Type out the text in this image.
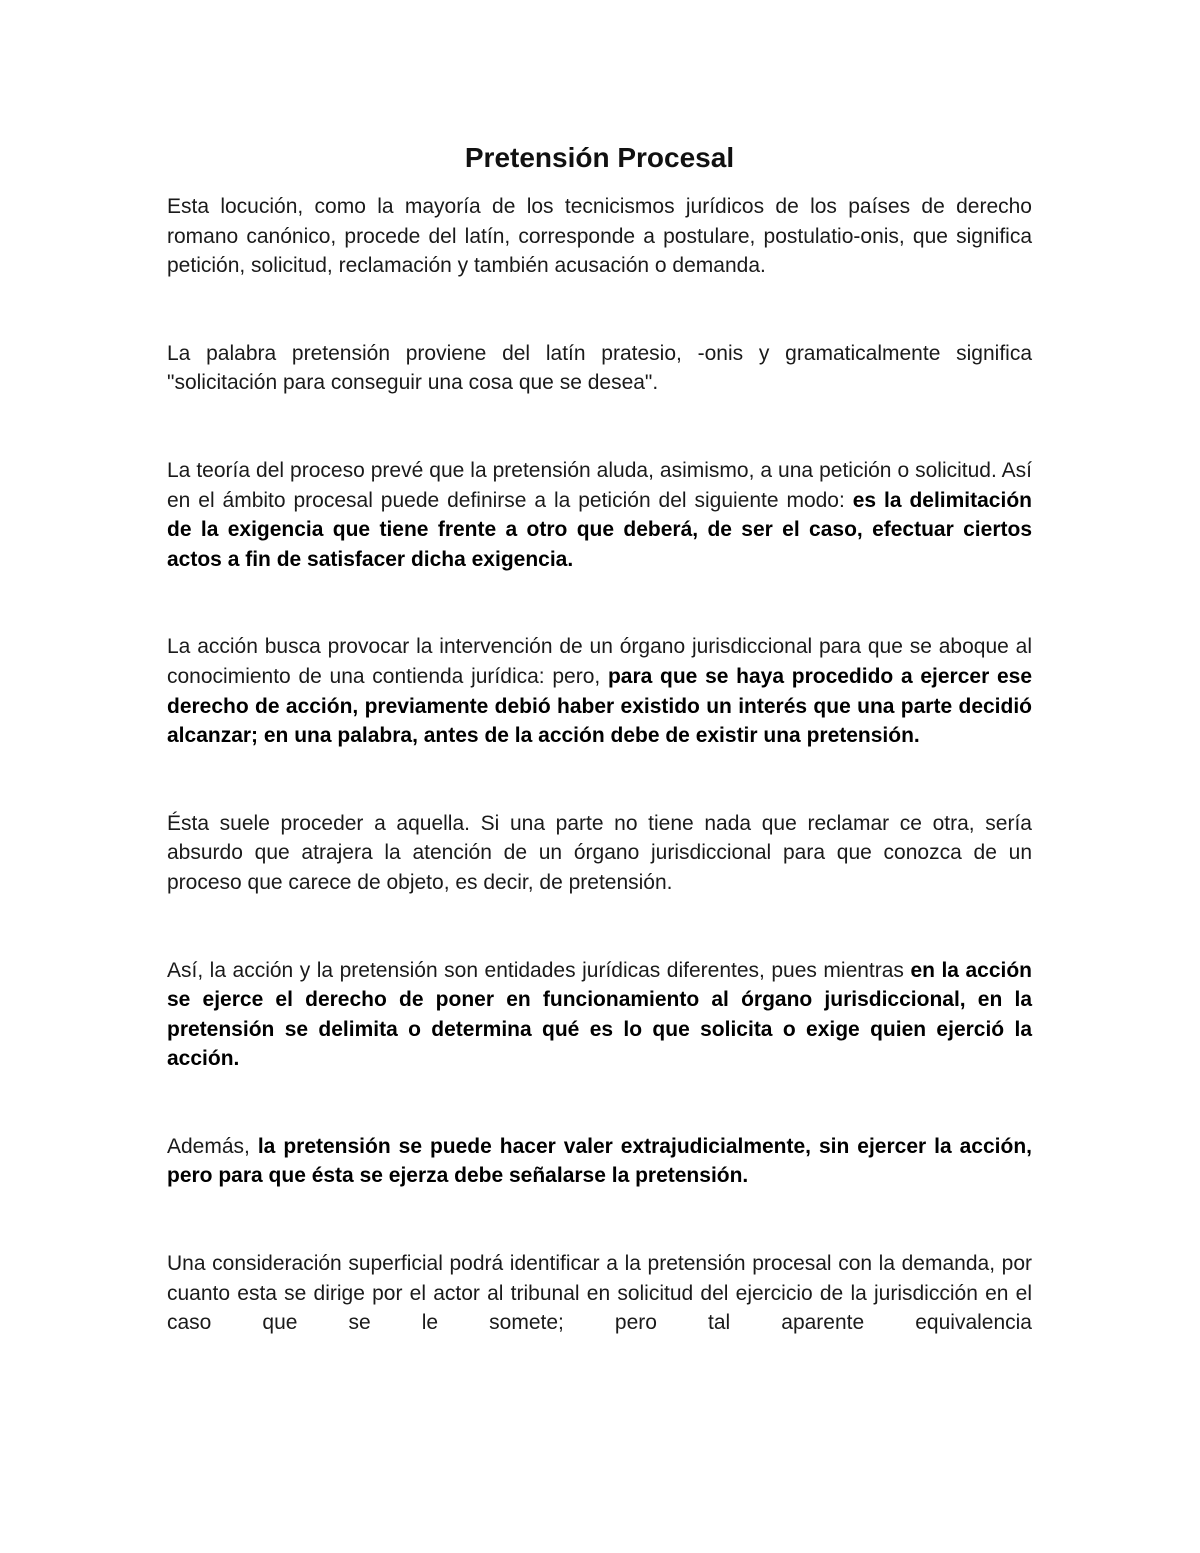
Pretensión Procesal

Esta locución, como la mayoría de los tecnicismos jurídicos de los países de derecho romano canónico, procede del latín, corresponde a postulare, postulatio-onis, que significa petición, solicitud, reclamación y también acusación o demanda.

La palabra pretensión proviene del latín pratesio, -onis y gramaticalmente significa "solicitación para conseguir una cosa que se desea".

La teoría del proceso prevé que la pretensión aluda, asimismo, a una petición o solicitud. Así en el ámbito procesal puede definirse a la petición del siguiente modo: es la delimitación de la exigencia que tiene frente a otro que deberá, de ser el caso, efectuar ciertos actos a fin de satisfacer dicha exigencia.

La acción busca provocar la intervención de un órgano jurisdiccional para que se aboque al conocimiento de una contienda jurídica: pero, para que se haya procedido a ejercer ese derecho de acción, previamente debió haber existido un interés que una parte decidió alcanzar; en una palabra, antes de la acción debe de existir una pretensión.

Ésta suele proceder a aquella. Si una parte no tiene nada que reclamar ce otra, sería absurdo que atrajera la atención de un órgano jurisdiccional para que conozca de un proceso que carece de objeto, es decir, de pretensión.

Así, la acción y la pretensión son entidades jurídicas diferentes, pues mientras en la acción se ejerce el derecho de poner en funcionamiento al órgano jurisdiccional, en la pretensión se delimita o determina qué es lo que solicita o exige quien ejerció la acción.

Además, la pretensión se puede hacer valer extrajudicialmente, sin ejercer la acción, pero para que ésta se ejerza debe señalarse la pretensión.

Una consideración superficial podrá identificar a la pretensión procesal con la demanda, por cuanto esta se dirige por el actor al tribunal en solicitud del ejercicio de la jurisdicción en el caso que se le somete; pero tal aparente equivalencia
